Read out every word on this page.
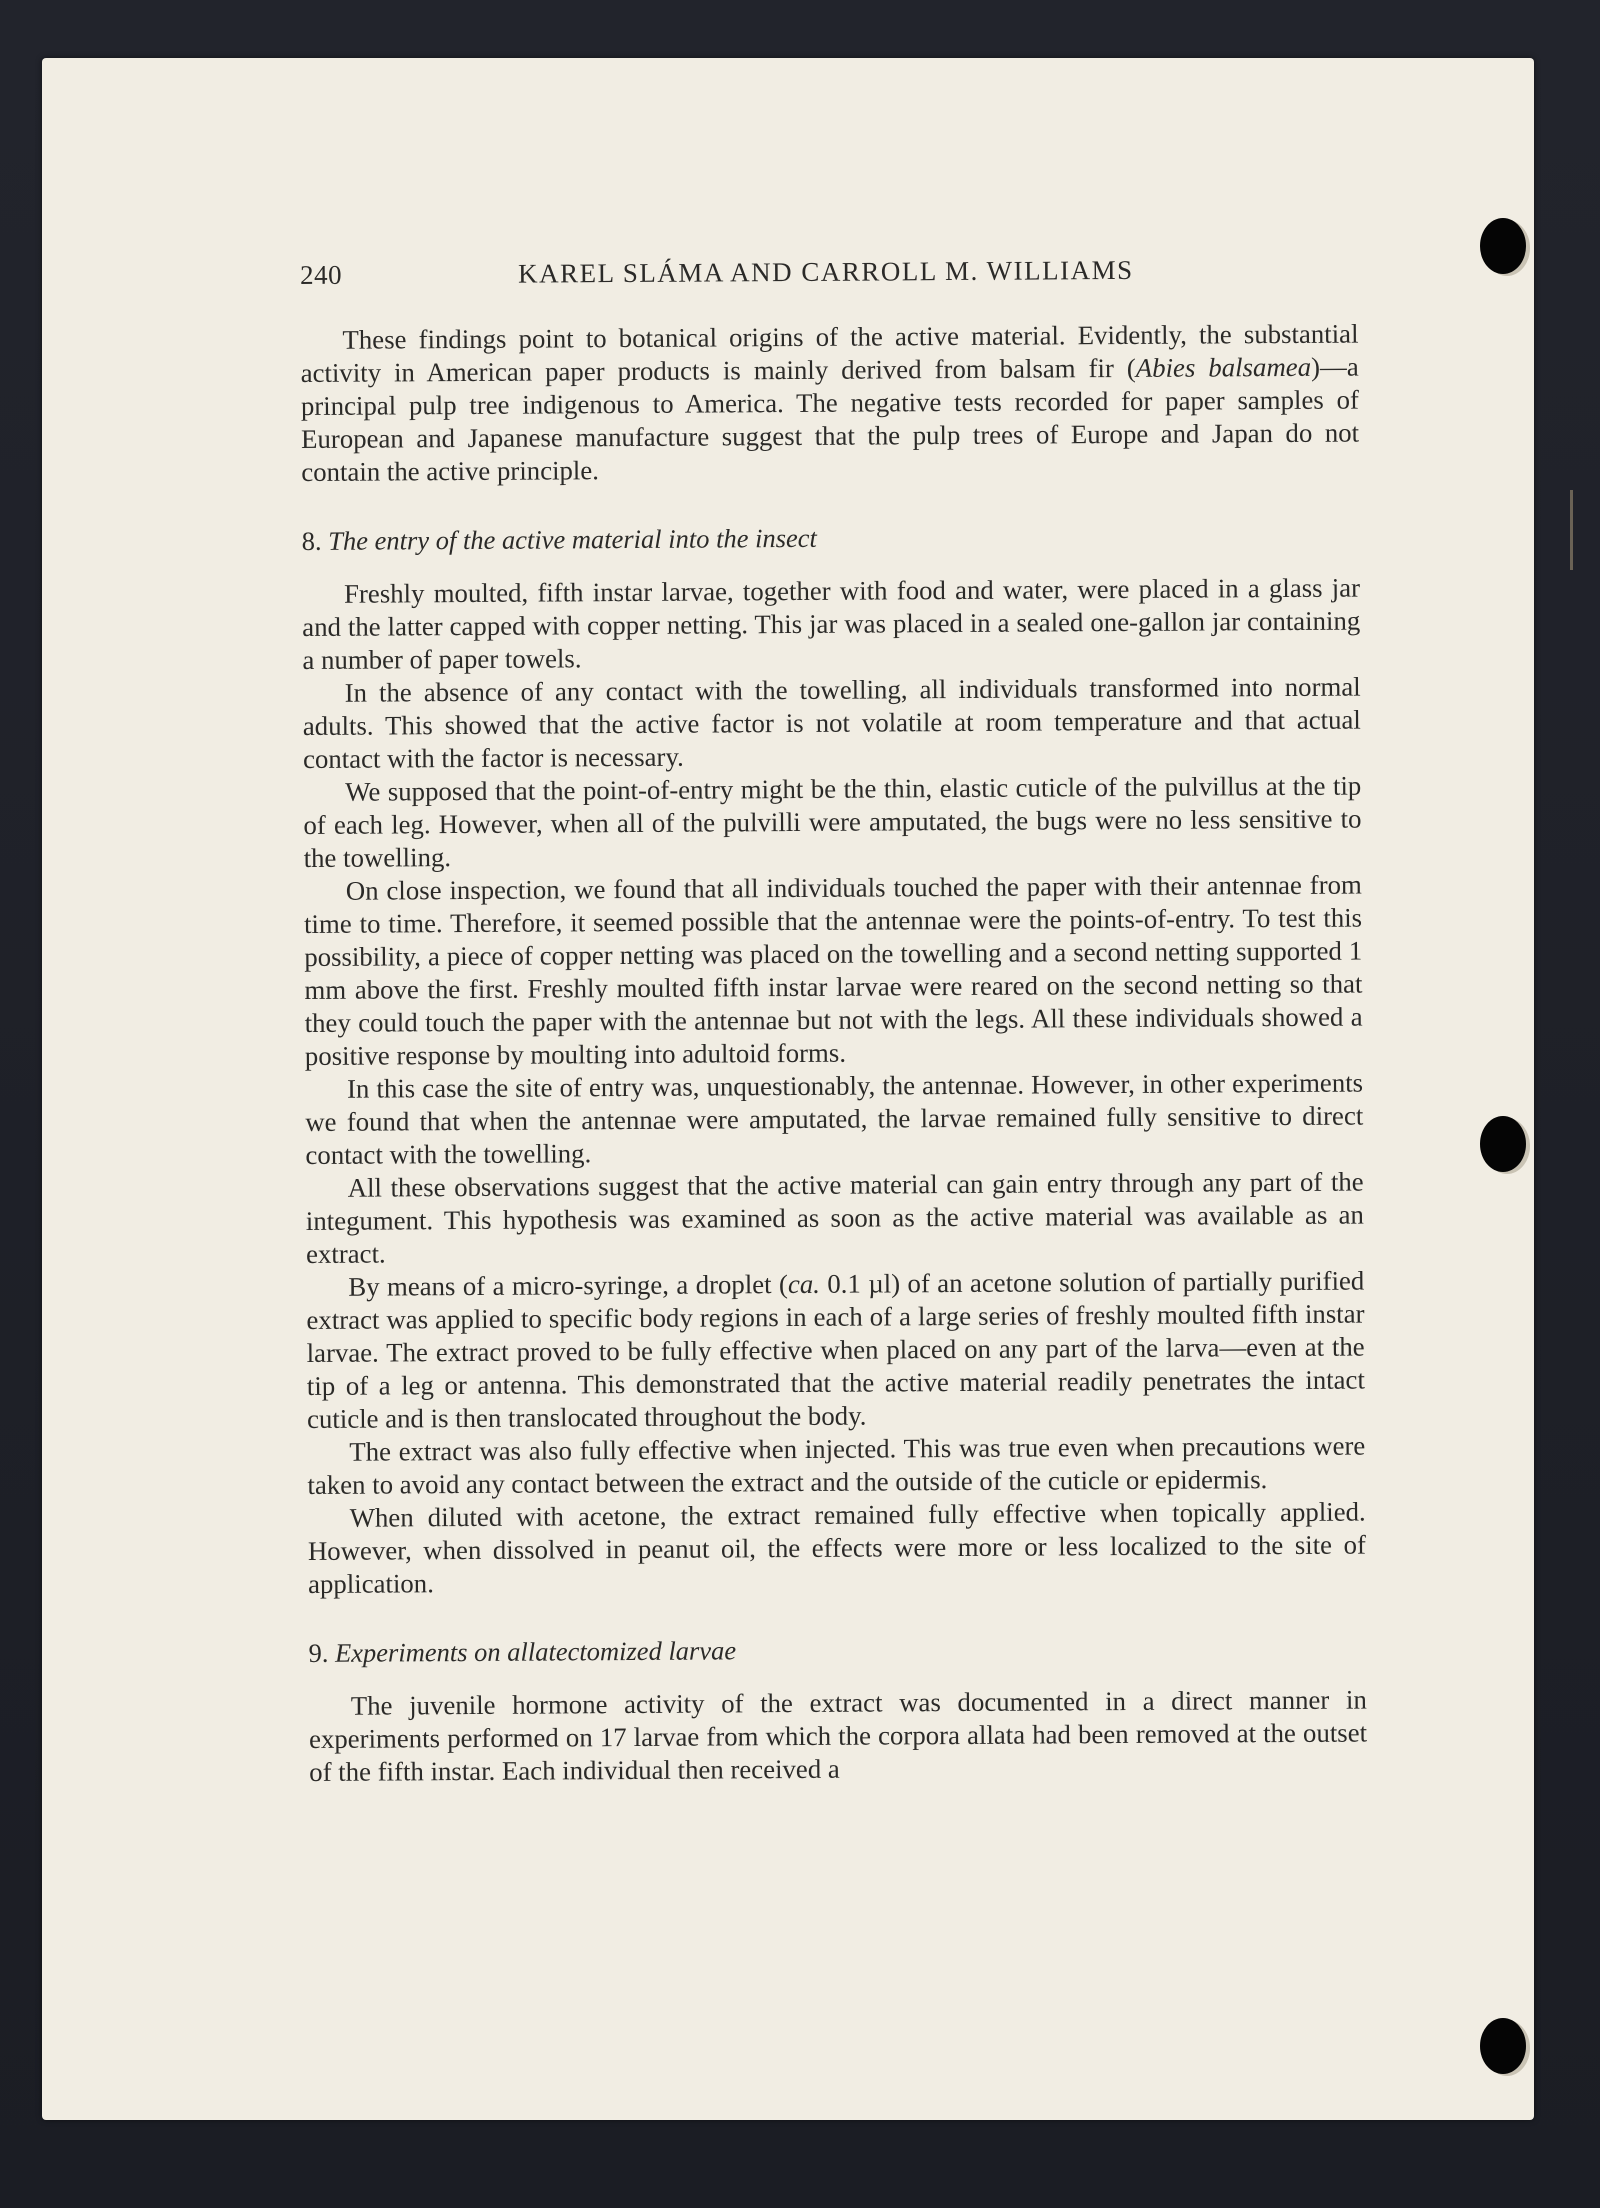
240	KAREL SLÁMA AND CARROLL M. WILLIAMS

These findings point to botanical origins of the active material. Evidently, the substantial activity in American paper products is mainly derived from balsam fir (Abies balsamea)—a principal pulp tree indigenous to America. The negative tests recorded for paper samples of European and Japanese manufacture suggest that the pulp trees of Europe and Japan do not contain the active principle.

8. The entry of the active material into the insect

Freshly moulted, fifth instar larvae, together with food and water, were placed in a glass jar and the latter capped with copper netting. This jar was placed in a sealed one-gallon jar containing a number of paper towels.

In the absence of any contact with the towelling, all individuals transformed into normal adults. This showed that the active factor is not volatile at room temperature and that actual contact with the factor is necessary.

We supposed that the point-of-entry might be the thin, elastic cuticle of the pulvillus at the tip of each leg. However, when all of the pulvilli were amputated, the bugs were no less sensitive to the towelling.

On close inspection, we found that all individuals touched the paper with their antennae from time to time. Therefore, it seemed possible that the antennae were the points-of-entry. To test this possibility, a piece of copper netting was placed on the towelling and a second netting supported 1 mm above the first. Freshly moulted fifth instar larvae were reared on the second netting so that they could touch the paper with the antennae but not with the legs. All these individuals showed a positive response by moulting into adultoid forms.

In this case the site of entry was, unquestionably, the antennae. However, in other experiments we found that when the antennae were amputated, the larvae remained fully sensitive to direct contact with the towelling.

All these observations suggest that the active material can gain entry through any part of the integument. This hypothesis was examined as soon as the active material was available as an extract.

By means of a micro-syringe, a droplet (ca. 0.1 µl) of an acetone solution of partially purified extract was applied to specific body regions in each of a large series of freshly moulted fifth instar larvae. The extract proved to be fully effective when placed on any part of the larva—even at the tip of a leg or antenna. This demonstrated that the active material readily penetrates the intact cuticle and is then translocated throughout the body.

The extract was also fully effective when injected. This was true even when precautions were taken to avoid any contact between the extract and the outside of the cuticle or epidermis.

When diluted with acetone, the extract remained fully effective when topically applied. However, when dissolved in peanut oil, the effects were more or less localized to the site of application.

9. Experiments on allatectomized larvae

The juvenile hormone activity of the extract was documented in a direct manner in experiments performed on 17 larvae from which the corpora allata had been removed at the outset of the fifth instar. Each individual then received a
